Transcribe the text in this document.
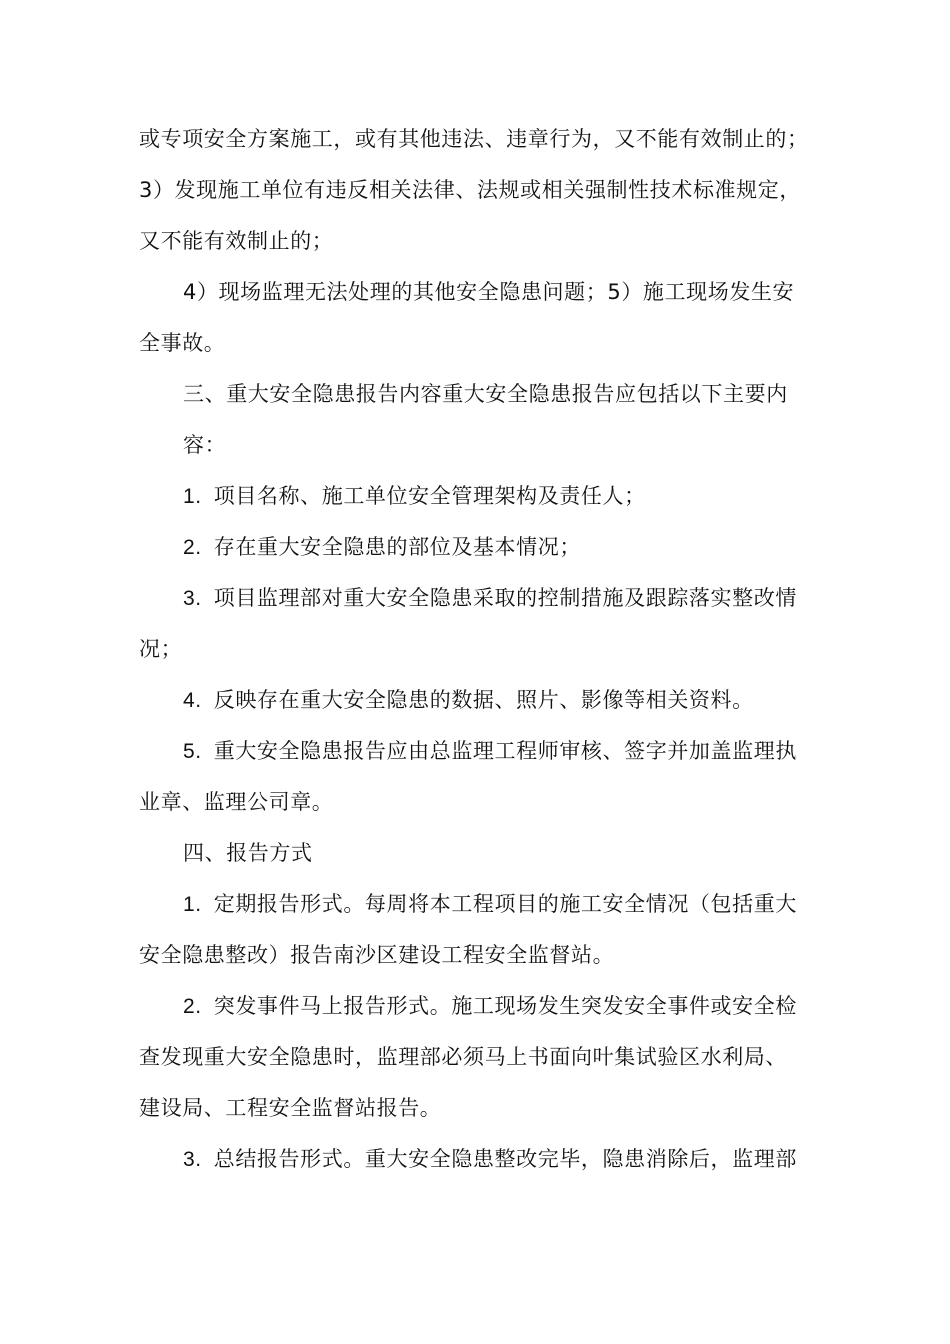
或专项安全方案施工，或有其他违法、违章行为，又不能有效制止的；

3）发现施工单位有违反相关法律、法规或相关强制性技术标准规定，

又不能有效制止的；

4）现场监理无法处理的其他安全隐患问题；5）施工现场发生安

全事故。

三、重大安全隐患报告内容重大安全隐患报告应包括以下主要内

容：

1. 项目名称、施工单位安全管理架构及责任人；

2. 存在重大安全隐患的部位及基本情况；

3. 项目监理部对重大安全隐患采取的控制措施及跟踪落实整改情

况；

4. 反映存在重大安全隐患的数据、照片、影像等相关资料。

5. 重大安全隐患报告应由总监理工程师审核、签字并加盖监理执

业章、监理公司章。

四、报告方式

1. 定期报告形式。每周将本工程项目的施工安全情况（包括重大

安全隐患整改）报告南沙区建设工程安全监督站。

2. 突发事件马上报告形式。施工现场发生突发安全事件或安全检

查发现重大安全隐患时，监理部必须马上书面向叶集试验区水利局、

建设局、工程安全监督站报告。

3. 总结报告形式。重大安全隐患整改完毕，隐患消除后，监理部
